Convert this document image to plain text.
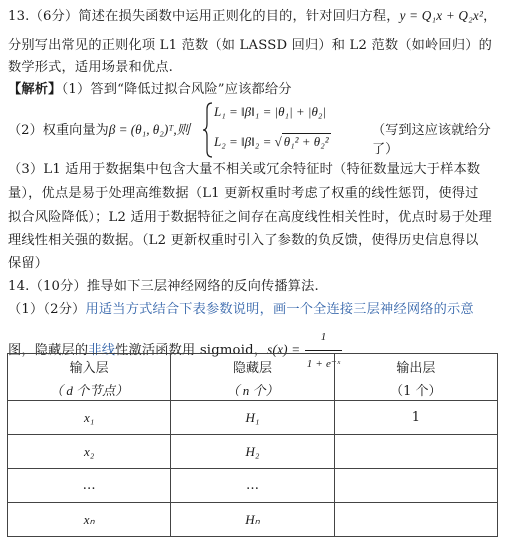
13.（6分）简述在损失函数中运用正则化的目的，针对回归方程，y = Q₁x + Q₂x²，
分别写出常见的正则化项 L1 范数（如 LASSD 回归）和 L2 范数（如岭回归）的
数学形式，适用场景和优点.
【解析】（1）答到“降低过拟合风险”应该都给分
（2）权重向量为β = (θ₁, θ₂)ᵀ,则
L₁ = ‖β‖₁ = |θ₁| + |θ₂|
L₂ = ‖β‖₂ = √ θ₁² + θ₂²
（写到这应该就给分了）
（3）L1 适用于数据集中包含大量不相关或冗余特征时（特征数量远大于样本数
量），优点是易于处理高维数据（L1 更新权重时考虑了权重的线性惩罚，使得过
拟合风险降低）；L2 适用于数据特征之间存在高度线性相关性时，优点时易于处理
理线性相关强的数据。（L2 更新权重时引入了参数的负反馈，使得历史信息得以
保留）
14.（10分）推导如下三层神经网络的反向传播算法.
（1）（2分）用适当方式结合下表参数说明，画一个全连接三层神经网络的示意
图，隐藏层的非线性激活函数用 sigmoid，$s(x) = \frac{1}{\text{1 + e⁻ˣ}}$
输入层	隐藏层	输出层
（ d 个节点）	（ n 个）	（1 个）
x₁	H₁	1
x₂	H₂	
…	…	
xₙ	Hₙ	
